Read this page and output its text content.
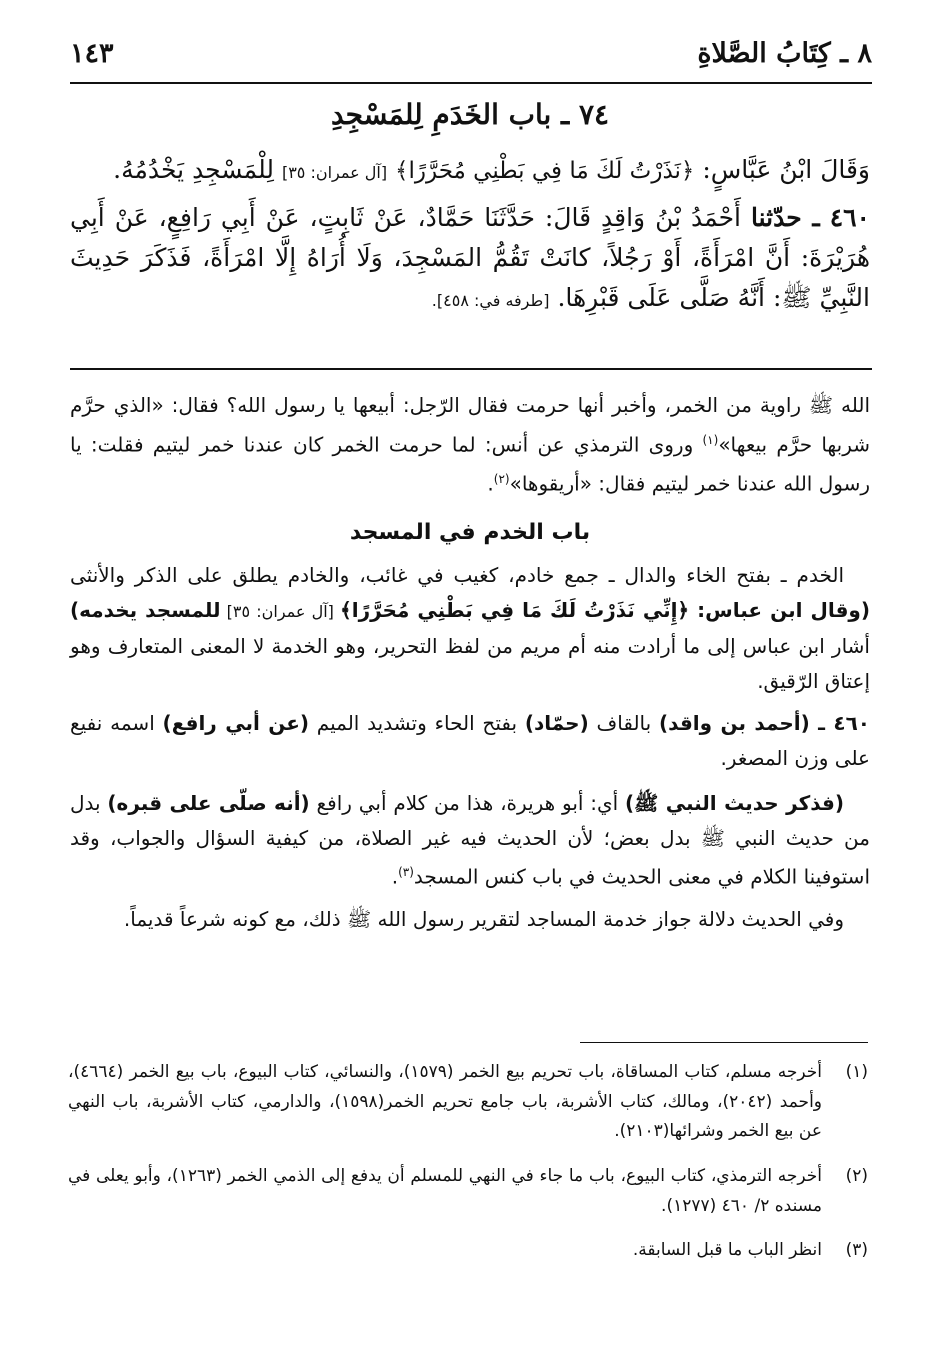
٨ ـ كِتَابُ الصَّلاةِ
١٤٣
٧٤ ـ باب الخَدَمِ لِلمَسْجِدِ

وَقَالَ ابْنُ عَبَّاسٍ: ﴿نَذَرْتُ لَكَ مَا فِي بَطْنِي مُحَرَّرًا﴾ [آل عمران: ٣٥] لِلْمَسْجِدِ يَخْدُمُهُ.

٤٦٠ ـ حدّثنا أَحْمَدُ بْنُ وَاقِدٍ قَالَ: حَدَّثَنَا حَمَّادٌ، عَنْ ثَابِتٍ، عَنْ أَبِي رَافِعٍ، عَنْ أَبِي هُرَيْرَةَ: أَنَّ امْرَأَةً، أَوْ رَجُلاً، كانَتْ تَقُمُّ المَسْجِدَ، وَلَا أُرَاهُ إِلَّا امْرَأَةً، فَذَكَرَ حَدِيثَ النَّبِيِّ ﷺ: أَنَّهُ صَلَّى عَلَى قَبْرِهَا. [طرفه في: ٤٥٨].

الله ﷺ راوية من الخمر، وأخبر أنها حرمت فقال الرّجل: أبيعها يا رسول الله؟ فقال: «الذي حرَّم شربها حرَّم بيعها»$^{(١)}$ وروى الترمذي عن أنس: لما حرمت الخمر كان عندنا خمر ليتيم فقلت: يا رسول الله عندنا خمر ليتيم فقال: «أريقوها»$^{(٢)}$.

باب الخدم في المسجد

الخدم ـ بفتح الخاء والدال ـ جمع خادم، كغيب في غائب، والخادم يطلق على الذكر والأنثى (وقال ابن عباس: ﴿إِنِّي نَذَرْتُ لَكَ مَا فِي بَطْنِي مُحَرَّرًا﴾ [آل عمران: ٣٥] للمسجد يخدمه) أشار ابن عباس إلى ما أرادت منه أم مريم من لفظ التحرير، وهو الخدمة لا المعنى المتعارف وهو إعتاق الرّقيق.

٤٦٠ ـ (أحمد بن واقد) بالقاف (حمّاد) بفتح الحاء وتشديد الميم (عن أبي رافع) اسمه نفيع على وزن المصغر.

(فذكر حديث النبي ﷺ) أي: أبو هريرة، هذا من كلام أبي رافع (أنه صلّى على قبره) بدل من حديث النبي ﷺ بدل بعض؛ لأن الحديث فيه غير الصلاة، من كيفية السؤال والجواب، وقد استوفينا الكلام في معنى الحديث في باب كنس المسجد$^{(٣)}$.

وفي الحديث دلالة جواز خدمة المساجد لتقرير رسول الله ﷺ ذلك، مع كونه شرعاً قديماً.

(١)
أخرجه مسلم، كتاب المساقاة، باب تحريم بيع الخمر (١٥٧٩)، والنسائي، كتاب البيوع، باب بيع الخمر (٤٦٦٤)، وأحمد (٢٠٤٢)، ومالك، كتاب الأشربة، باب جامع تحريم الخمر(١٥٩٨)، والدارمي، كتاب الأشربة، باب النهي عن بيع الخمر وشرائها(٢١٠٣).
(٢)
أخرجه الترمذي، كتاب البيوع، باب ما جاء في النهي للمسلم أن يدفع إلى الذمي الخمر (١٢٦٣)، وأبو يعلى في مسنده ٢/ ٤٦٠ (١٢٧٧).
(٣)
انظر الباب ما قبل السابقة.
